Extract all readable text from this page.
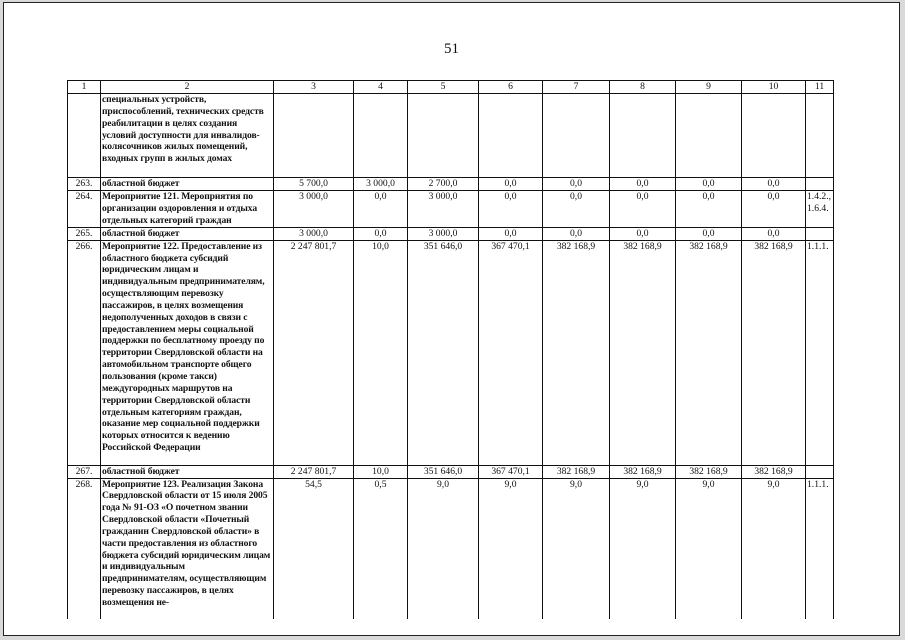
51
1	2	3	4	5	6	7	8	9	10	11
	специальных устройств, приспособлений, технических средств реабилитации в целях создания условий доступности для инвалидов-колясочников жилых помещений, входных групп в жилых домах									
263.	областной бюджет	5 700,0	3 000,0	2 700,0	0,0	0,0	0,0	0,0	0,0	
264.	Мероприятие 121. Мероприятия по организации оздоровления и отдыха отдельных категорий граждан	3 000,0	0,0	3 000,0	0,0	0,0	0,0	0,0	0,0	1.4.2., 1.6.4.
265.	областной бюджет	3 000,0	0,0	3 000,0	0,0	0,0	0,0	0,0	0,0	
266.	Мероприятие 122. Предоставление из областного бюджета субсидий юридическим лицам и индивидуальным предпринимателям, осуществляющим перевозку пассажиров, в целях возмещения недополученных доходов в связи с предоставлением меры социальной поддержки по бесплатному проезду по территории Свердловской области на автомобильном транспорте общего пользования (кроме такси) междугородных маршрутов на территории Свердловской области отдельным категориям граждан, оказание мер социальной поддержки которых относится к ведению Российской Федерации	2 247 801,7	10,0	351 646,0	367 470,1	382 168,9	382 168,9	382 168,9	382 168,9	1.1.1.
267.	областной бюджет	2 247 801,7	10,0	351 646,0	367 470,1	382 168,9	382 168,9	382 168,9	382 168,9	
268.	Мероприятие 123. Реализация Закона Свердловской области от 15 июля 2005 года № 91-ОЗ «О почетном звании Свердловской области «Почетный гражданин Свердловской области» в части предоставления из областного бюджета субсидий юридическим лицам и индивидуальным предпринимателям, осуществляющим перевозку пассажиров, в целях возмещения не-	54,5	0,5	9,0	9,0	9,0	9,0	9,0	9,0	1.1.1.
